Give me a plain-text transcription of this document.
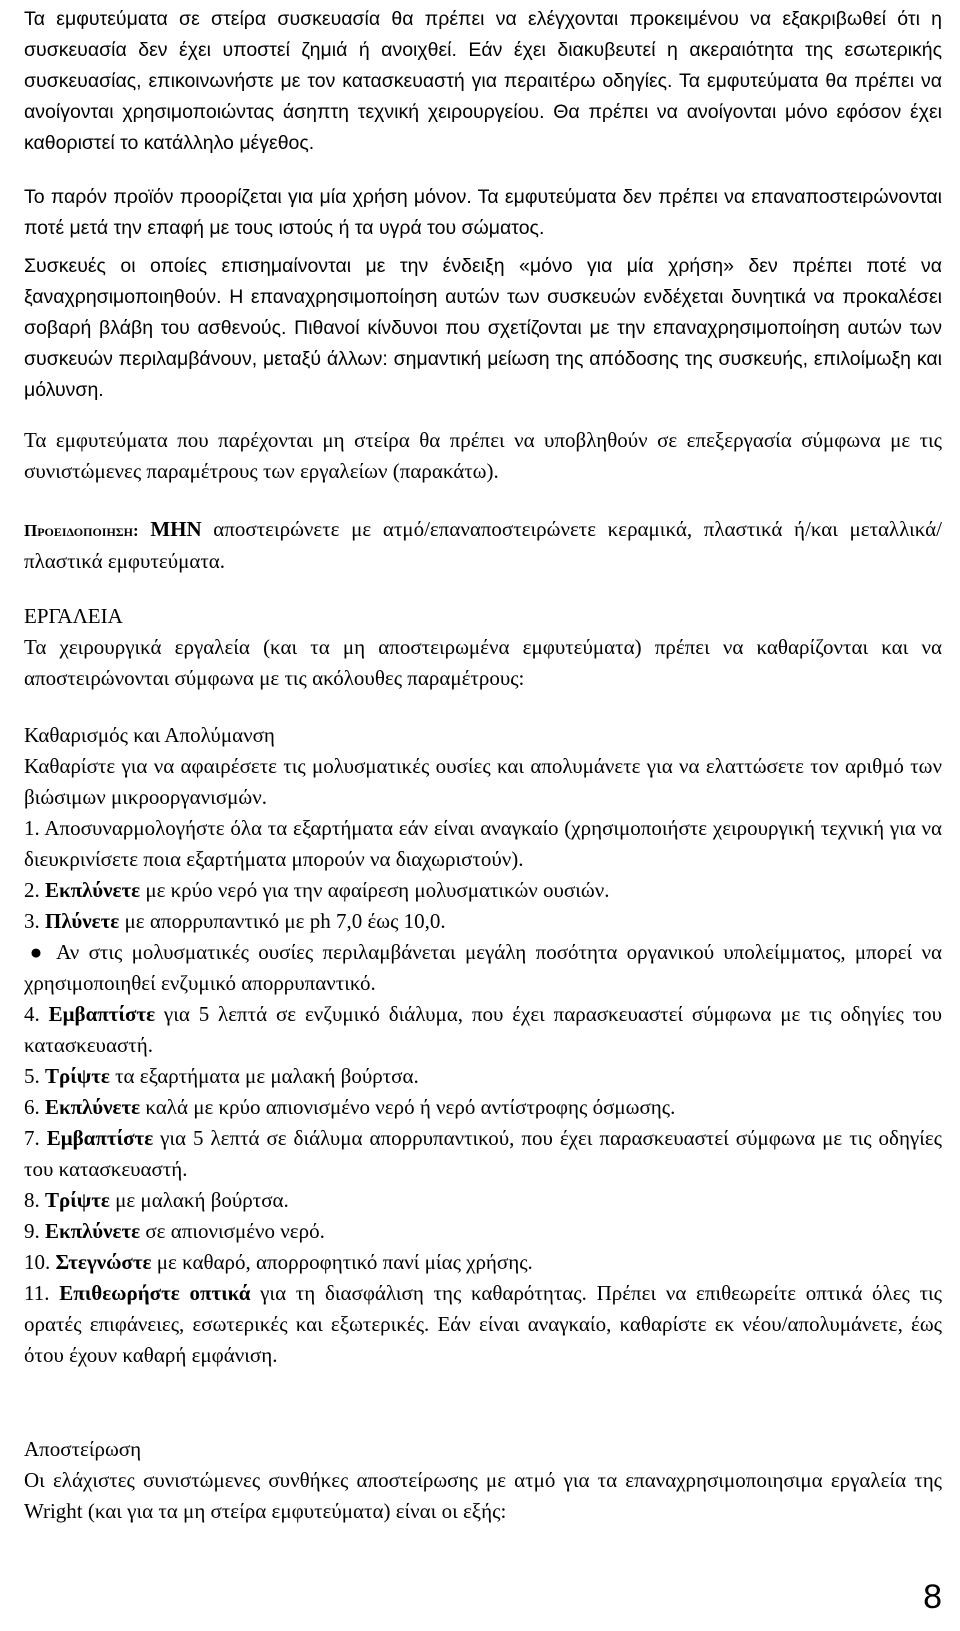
Τα εμφυτεύματα σε στείρα συσκευασία θα πρέπει να ελέγχονται προκειμένου να εξακριβωθεί ότι η συσκευασία δεν έχει υποστεί ζημιά ή ανοιχθεί. Εάν έχει διακυβευτεί η ακεραιότητα της εσωτερικής συσκευασίας, επικοινωνήστε με τον κατασκευαστή για περαιτέρω οδηγίες. Τα εμφυτεύματα θα πρέπει να ανοίγονται χρησιμοποιώντας άσηπτη τεχνική χειρουργείου. Θα πρέπει να ανοίγονται μόνο εφόσον έχει καθοριστεί το κατάλληλο μέγεθος.

Το παρόν προϊόν προορίζεται για μία χρήση μόνον. Τα εμφυτεύματα δεν πρέπει να επαναποστειρώνονται ποτέ μετά την επαφή με τους ιστούς ή τα υγρά του σώματος.

Συσκευές οι οποίες επισημαίνονται με την ένδειξη «μόνο για μία χρήση» δεν πρέπει ποτέ να ξαναχρησιμοποιηθούν. Η επαναχρησιμοποίηση αυτών των συσκευών ενδέχεται δυνητικά να προκαλέσει σοβαρή βλάβη του ασθενούς. Πιθανοί κίνδυνοι που σχετίζονται με την επαναχρησιμοποίηση αυτών των συσκευών περιλαμβάνουν, μεταξύ άλλων: σημαντική μείωση της απόδοσης της συσκευής, επιλοίμωξη και μόλυνση.

Τα εμφυτεύματα που παρέχονται μη στείρα θα πρέπει να υποβληθούν σε επεξεργασία σύμφωνα με τις συνιστώμενες παραμέτρους των εργαλείων (παρακάτω).

Προειδοποιηση: ΜΗΝ αποστειρώνετε με ατμό/επαναποστειρώνετε κεραμικά, πλαστικά ή/και μεταλλικά/πλαστικά εμφυτεύματα.

ΕΡΓΑΛΕΙΑ

Τα χειρουργικά εργαλεία (και τα μη αποστειρωμένα εμφυτεύματα) πρέπει να καθαρίζονται και να αποστειρώνονται σύμφωνα με τις ακόλουθες παραμέτρους:

Καθαρισμός και Απολύμανση

Καθαρίστε για να αφαιρέσετε τις μολυσματικές ουσίες και απολυμάνετε για να ελαττώσετε τον αριθμό των βιώσιμων μικροοργανισμών.

1. Αποσυναρμολογήστε όλα τα εξαρτήματα εάν είναι αναγκαίο (χρησιμοποιήστε χειρουργική τεχνική για να διευκρινίσετε ποια εξαρτήματα μπορούν να διαχωριστούν).

2. Εκπλύνετε με κρύο νερό για την αφαίρεση μολυσματικών ουσιών.

3. Πλύνετε με απορρυπαντικό με ph 7,0 έως 10,0.

● Αν στις μολυσματικές ουσίες περιλαμβάνεται μεγάλη ποσότητα οργανικού υπολείμματος, μπορεί να χρησιμοποιηθεί ενζυμικό απορρυπαντικό.

4. Εμβαπτίστε για 5 λεπτά σε ενζυμικό διάλυμα, που έχει παρασκευαστεί σύμφωνα με τις οδηγίες του κατασκευαστή.

5. Τρίψτε τα εξαρτήματα με μαλακή βούρτσα.

6. Εκπλύνετε καλά με κρύο απιονισμένο νερό ή νερό αντίστροφης όσμωσης.

7. Εμβαπτίστε για 5 λεπτά σε διάλυμα απορρυπαντικού, που έχει παρασκευαστεί σύμφωνα με τις οδηγίες του κατασκευαστή.

8. Τρίψτε με μαλακή βούρτσα.

9. Εκπλύνετε σε απιονισμένο νερό.

10. Στεγνώστε με καθαρό, απορροφητικό πανί μίας χρήσης.

11. Επιθεωρήστε οπτικά για τη διασφάλιση της καθαρότητας. Πρέπει να επιθεωρείτε οπτικά όλες τις ορατές επιφάνειες, εσωτερικές και εξωτερικές. Εάν είναι αναγκαίο, καθαρίστε εκ νέου/απολυμάνετε, έως ότου έχουν καθαρή εμφάνιση.

Αποστείρωση

Οι ελάχιστες συνιστώμενες συνθήκες αποστείρωσης με ατμό για τα επαναχρησιμοποιησιμα εργαλεία της Wright (και για τα μη στείρα εμφυτεύματα) είναι οι εξής:

8
